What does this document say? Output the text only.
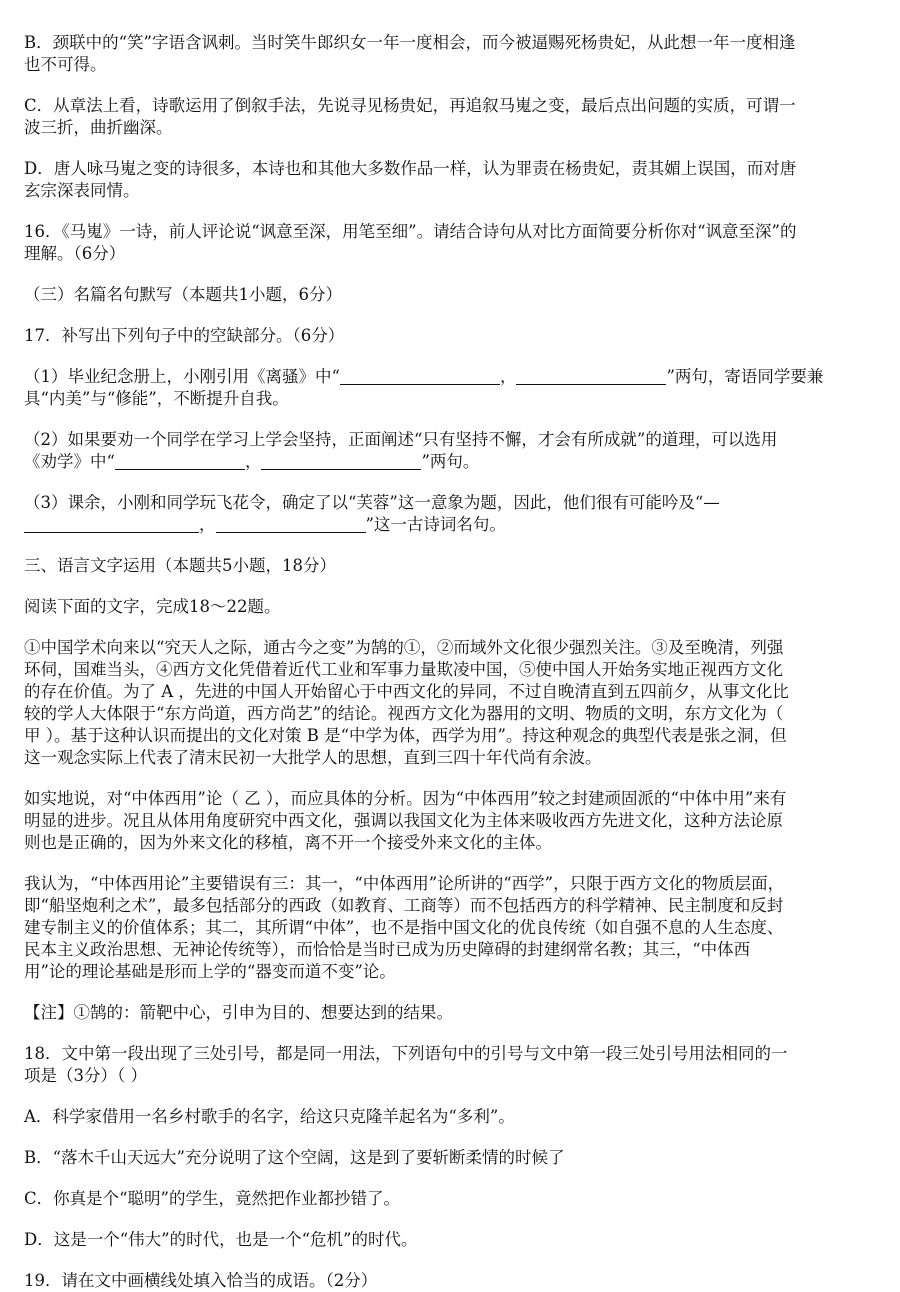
B．颈联中的“笑”字语含讽刺。当时笑牛郎织女一年一度相会，而今被逼赐死杨贵妃，从此想一年一度相逢
也不可得。
C．从章法上看，诗歌运用了倒叙手法，先说寻见杨贵妃，再追叙马嵬之变，最后点出问题的实质，可谓一
波三折，曲折幽深。
D．唐人咏马嵬之变的诗很多，本诗也和其他大多数作品一样，认为罪责在杨贵妃，责其媚上误国，而对唐
玄宗深表同情。
16．《马嵬》一诗，前人评论说“讽意至深，用笔至细”。请结合诗句从对比方面简要分析你对“讽意至深”的
理解。（6分）
（三）名篇名句默写（本题共1小题，6分）
17．补写出下列句子中的空缺部分。（6分）
（1）毕业纪念册上，小刚引用《离骚》中“	，	”两句，寄语同学要兼
具“内美”与“修能”，不断提升自我。
（2）如果要劝一个同学在学习上学会坚持，正面阐述“只有坚持不懈，才会有所成就”的道理，可以选用
《劝学》中“	，	”两句。
（3）课余，小刚和同学玩飞花令，确定了以“芙蓉”这一意象为题，因此，他们很有可能吟及“—
，	”这一古诗词名句。
三、语言文字运用（本题共5小题，18分）
阅读下面的文字，完成18～22题。
①中国学术向来以“究天人之际，通古今之变”为鹄的①，②而域外文化很少强烈关注。③及至晚清，列强
环伺，国难当头，④西方文化凭借着近代工业和军事力量欺凌中国，⑤使中国人开始务实地正视西方文化
的存在价值。为了 A ，先进的中国人开始留心于中西文化的异同，不过自晚清直到五四前夕，从事文化比
较的学人大体限于“东方尚道，西方尚艺”的结论。视西方文化为器用的文明、物质的文明，东方文化为（
甲 ）。基于这种认识而提出的文化对策 B 是“中学为体，西学为用”。持这种观念的典型代表是张之洞，但
这一观念实际上代表了清末民初一大批学人的思想，直到三四十年代尚有余波。
如实地说，对“中体西用”论（ 乙 ），而应具体的分析。因为“中体西用”较之封建顽固派的“中体中用”来有
明显的进步。况且从体用角度研究中西文化，强调以我国文化为主体来吸收西方先进文化，这种方法论原
则也是正确的，因为外来文化的移植，离不开一个接受外来文化的主体。
我认为，“中体西用论”主要错误有三：其一，“中体西用”论所讲的“西学”，只限于西方文化的物质层面，
即“船坚炮利之术”，最多包括部分的西政（如教育、工商等）而不包括西方的科学精神、民主制度和反封
建专制主义的价值体系；其二，其所谓“中体”，也不是指中国文化的优良传统（如自强不息的人生态度、
民本主义政治思想、无神论传统等），而恰恰是当时已成为历史障碍的封建纲常名教；其三，“中体西
用”论的理论基础是形而上学的“器变而道不变”论。
【注】①鹄的：箭靶中心，引申为目的、想要达到的结果。
18．文中第一段出现了三处引号，都是同一用法，下列语句中的引号与文中第一段三处引号用法相同的一
项是（3分）（ ）
A．科学家借用一名乡村歌手的名字，给这只克隆羊起名为“多利”。
B．“落木千山天远大”充分说明了这个空阔，这是到了要斩断柔情的时候了
C．你真是个“聪明”的学生，竟然把作业都抄错了。
D．这是一个“伟大”的时代，也是一个“危机”的时代。
19．请在文中画横线处填入恰当的成语。（2分）
